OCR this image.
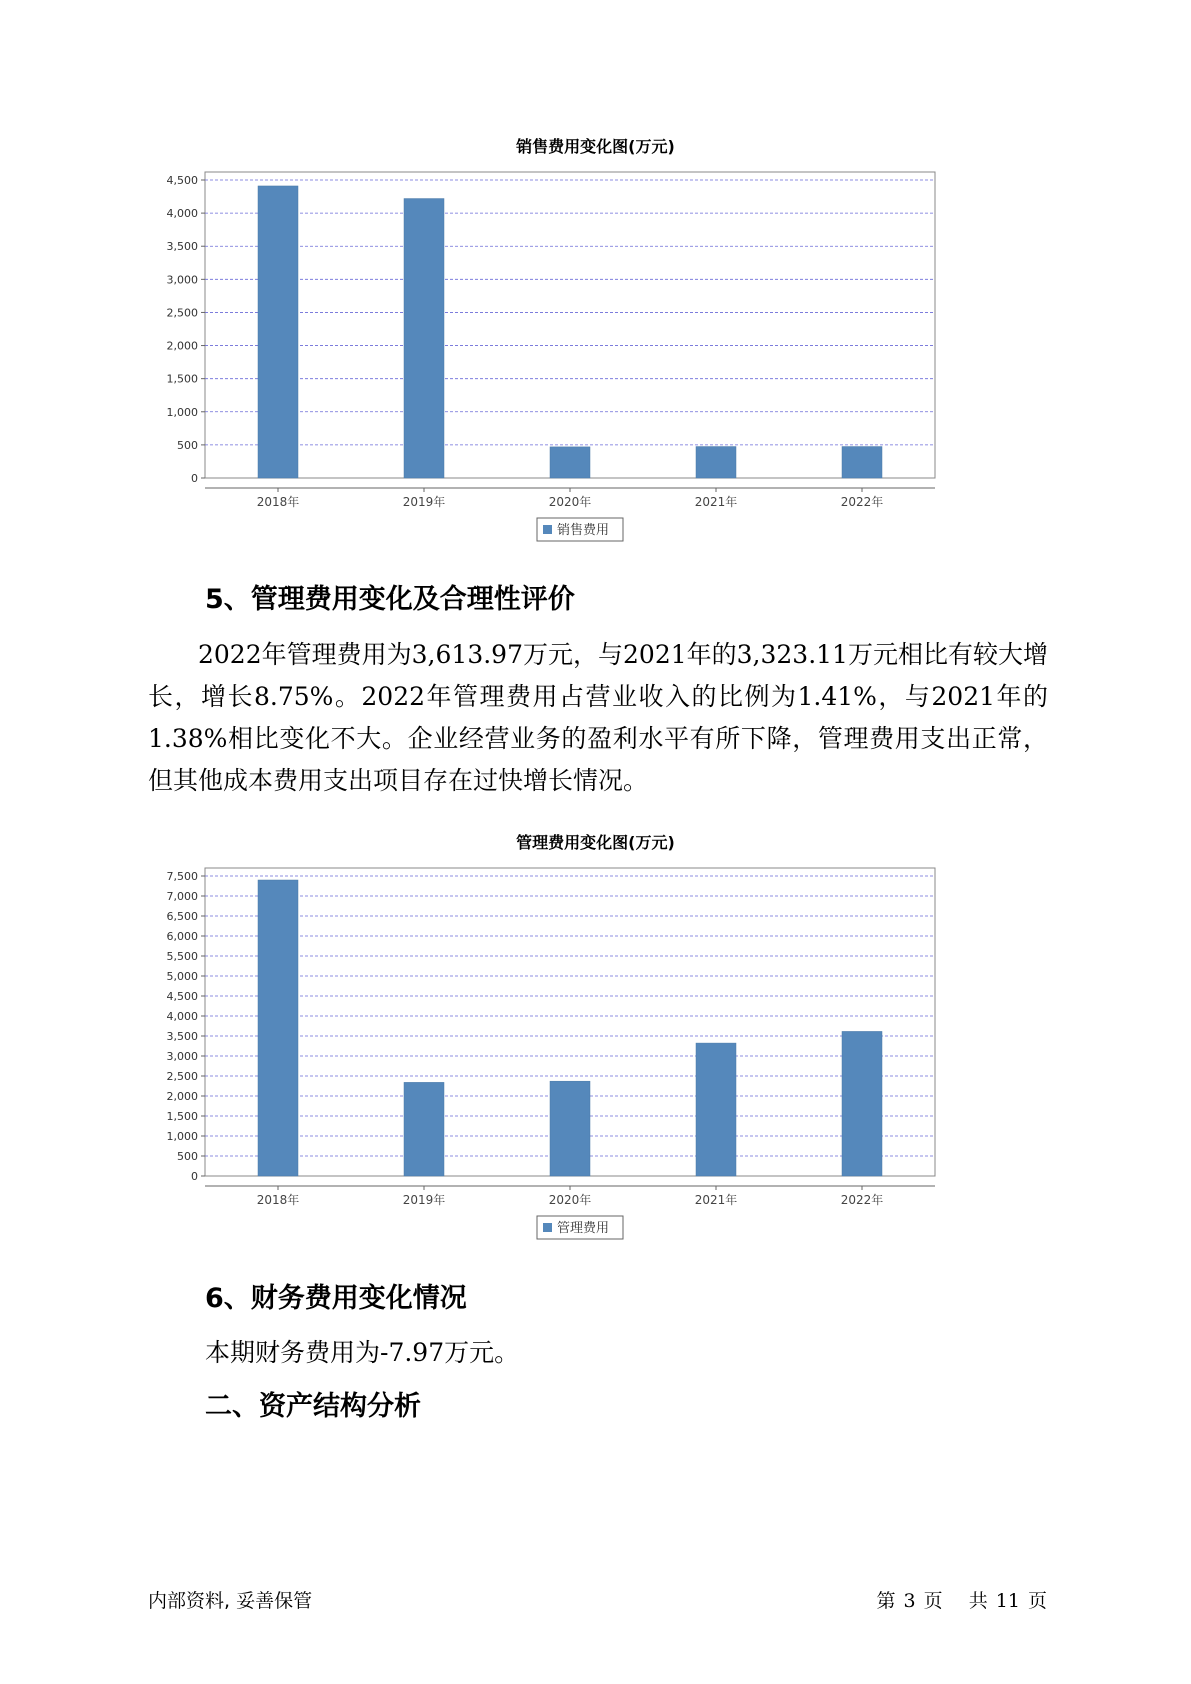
销售费用变化图(万元)
0
500
1,000
1,500
2,000
2,500
3,000
3,500
4,000
4,500
2018年	2019年	2020年	2021年	2022年
销售费用
5、管理费用变化及合理性评价

2022年管理费用为3,613.97万元，与2021年的3,323.11万元相比有较大增长，增长8.75%。2022年管理费用占营业收入的比例为1.41%，与2021年的1.38%相比变化不大。企业经营业务的盈利水平有所下降，管理费用支出正常，但其他成本费用支出项目存在过快增长情况。

管理费用变化图(万元)
0
500
1,000
1,500
2,000
2,500
3,000
3,500
4,000
4,500
5,000
5,500
6,000
6,500
7,000
7,500
2018年	2019年	2020年	2021年	2022年
管理费用
6、财务费用变化情况

本期财务费用为-7.97万元。

二、资产结构分析
内部资料, 妥善保管	第 3 页 共 11 页
